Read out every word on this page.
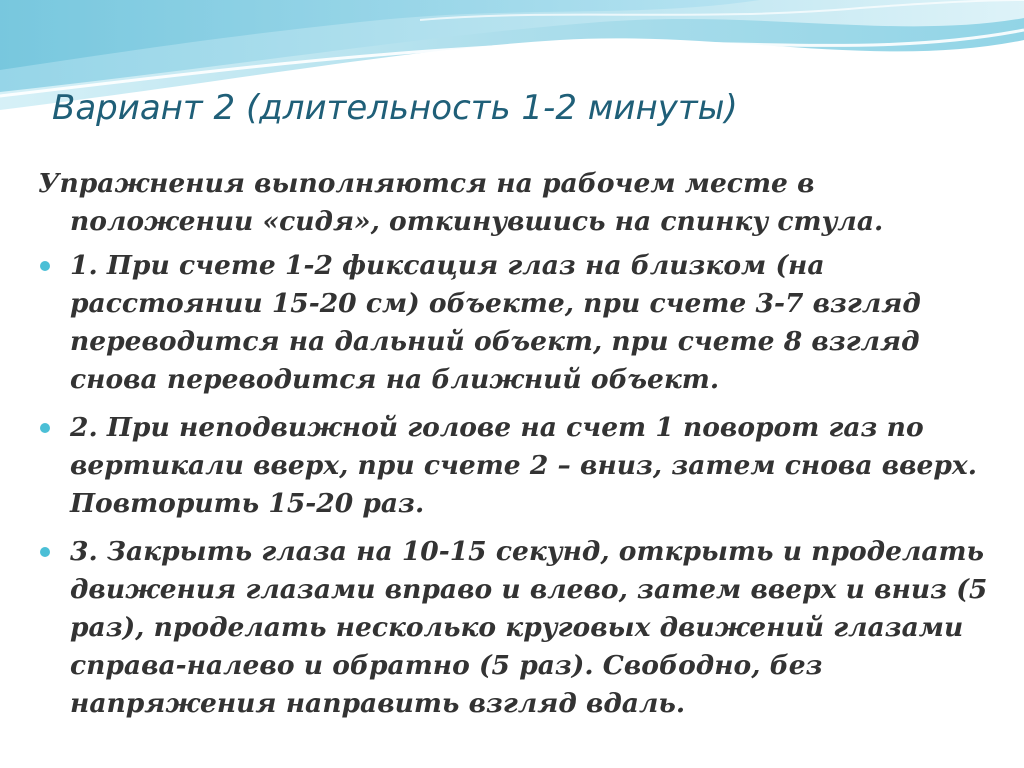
Вариант 2 (длительность 1-2 минуты)

Упражнения выполняются на рабочем месте в положении «сидя», откинувшись на спинку стула.

1. При счете 1-2 фиксация глаз на близком (на расстоянии 15-20 см) объекте, при счете 3-7 взгляд переводится на дальний объект, при счете 8 взгляд снова переводится на ближний объект.
2. При неподвижной голове на счет 1 поворот газ по вертикали вверх, при счете 2 – вниз, затем снова вверх. Повторить 15-20 раз.
3. Закрыть глаза на 10-15 секунд, открыть и проделать движения глазами вправо и влево, затем вверх и вниз (5 раз), проделать несколько круговых движений глазами справа-налево и обратно (5 раз). Свободно, без напряжения направить взгляд вдаль.
